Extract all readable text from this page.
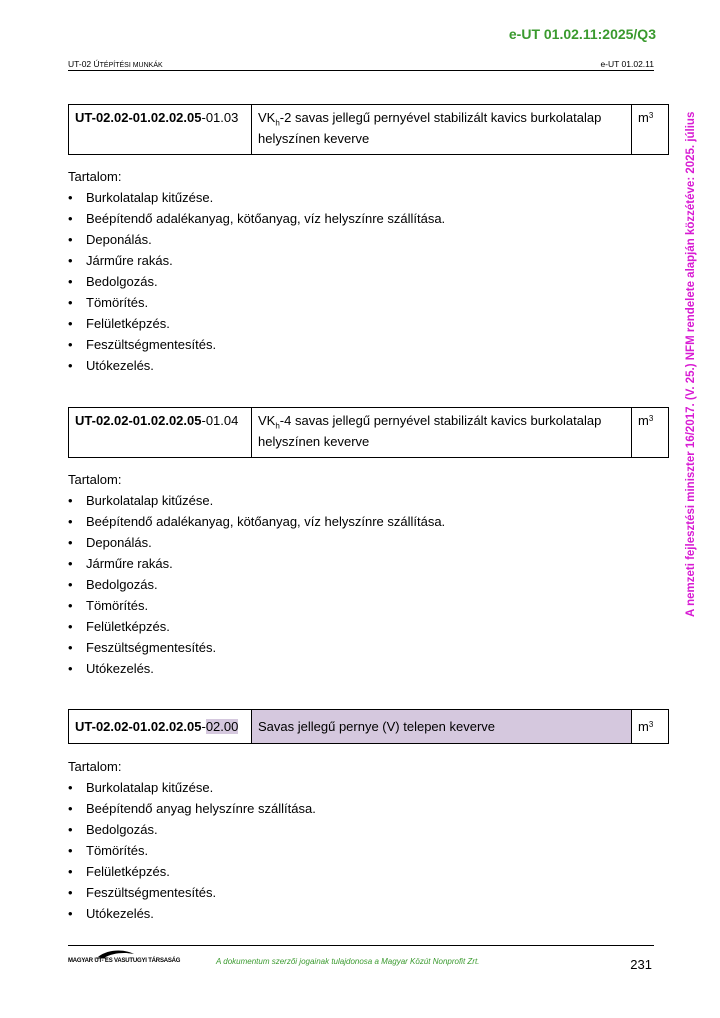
e-UT 01.02.11:2025/Q3
UT-02 ÚTÉPÍTÉSI MUNKÁK	e-UT 01.02.11
A nemzeti fejlesztési miniszter 16/2017. (V. 25.) NFM rendelete alapján közzétéve: 2025. július
UT-02.02-01.02.02.05-01.03	$VK_h-2$ savas jellegű pernyével stabilizált kavics burkolatalap helyszínen keverve	$m^3$
Tartalom:
•	Burkolatalap kitűzése.
•	Beépítendő adalékanyag, kötőanyag, víz helyszínre szállítása.
•	Deponálás.
•	Járműre rakás.
•	Bedolgozás.
•	Tömörítés.
•	Felületképzés.
•	Feszültségmentesítés.
•	Utókezelés.
UT-02.02-01.02.02.05-01.04	$VK_h-4$ savas jellegű pernyével stabilizált kavics burkolatalap helyszínen keverve	$m^3$
Tartalom:
•	Burkolatalap kitűzése.
•	Beépítendő adalékanyag, kötőanyag, víz helyszínre szállítása.
•	Deponálás.
•	Járműre rakás.
•	Bedolgozás.
•	Tömörítés.
•	Felületképzés.
•	Feszültségmentesítés.
•	Utókezelés.
UT-02.02-01.02.02.05-02.00	Savas jellegű pernye (V) telepen keverve	$m^3$
Tartalom:
•	Burkolatalap kitűzése.
•	Beépítendő anyag helyszínre szállítása.
•	Bedolgozás.
•	Tömörítés.
•	Felületképzés.
•	Feszültségmentesítés.
•	Utókezelés.
MAGYAR UT- ES VASUTUGYI TÁRSASÁG	A dokumentum szerzői jogainak tulajdonosa a Magyar Közút Nonprofit Zrt.	231
